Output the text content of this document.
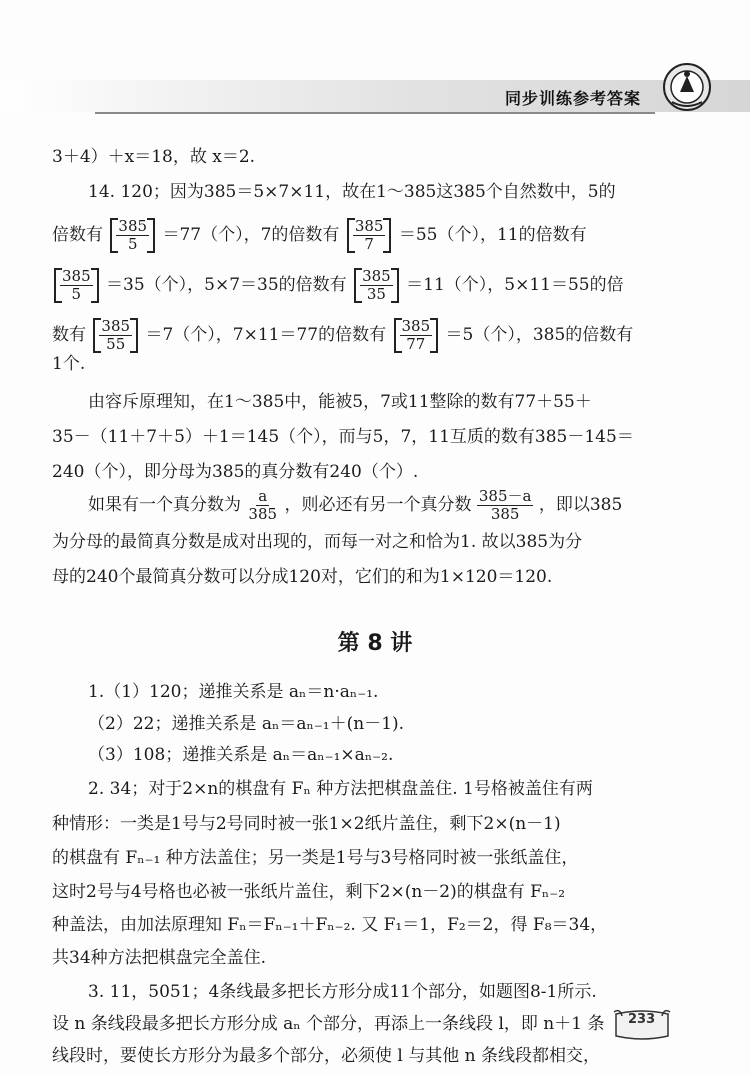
同步训练参考答案
3＋4）＋x＝18，故 x＝2.
14. 120；因为385＝5×7×11，故在1～385这385个自然数中，5的
倍数有 $\frac{385}{5} =77$（个），7的倍数有 $\frac{385}{7} =55$（个），11的倍数有
$\frac{385}{5} =35$（个），5×7＝35的倍数有 $\frac{385}{35} =11$（个），5×11＝55的倍
数有 $\frac{385}{55} =7$（个），7×11＝77的倍数有 $\frac{385}{77} =5$（个），385的倍数有
1个.
由容斥原理知，在1～385中，能被5，7或11整除的数有77＋55＋
35－（11＋7＋5）＋1＝145（个），而与5，7，11互质的数有385－145＝
240（个），即分母为385的真分数有240（个）.
如果有一个真分数为 $\frac{a}{385}$ ，则必还有另一个真分数 $\frac{385-a}{385}$ ，即以385
为分母的最简真分数是成对出现的，而每一对之和恰为1. 故以385为分
母的240个最简真分数可以分成120对，它们的和为1×120＝120.
第 8 讲
1.（1）120；递推关系是 aₙ＝n·aₙ₋₁.
（2）22；递推关系是 aₙ＝aₙ₋₁＋(n－1).
（3）108；递推关系是 aₙ＝aₙ₋₁×aₙ₋₂.
2. 34；对于2×n的棋盘有 Fₙ 种方法把棋盘盖住. 1号格被盖住有两
种情形：一类是1号与2号同时被一张1×2纸片盖住，剩下2×(n－1)
的棋盘有 Fₙ₋₁ 种方法盖住；另一类是1号与3号格同时被一张纸盖住，
这时2号与4号格也必被一张纸片盖住，剩下2×(n－2)的棋盘有 Fₙ₋₂
种盖法，由加法原理知 Fₙ＝Fₙ₋₁＋Fₙ₋₂. 又 F₁＝1，F₂＝2，得 F₈＝34，
共34种方法把棋盘完全盖住.
3. 11，5051；4条线最多把长方形分成11个部分，如题图8-1所示.
设 n 条线段最多把长方形分成 aₙ 个部分，再添上一条线段 l，即 n＋1 条
线段时，要使长方形分为最多个部分，必须使 l 与其他 n 条线段都相交，
233
